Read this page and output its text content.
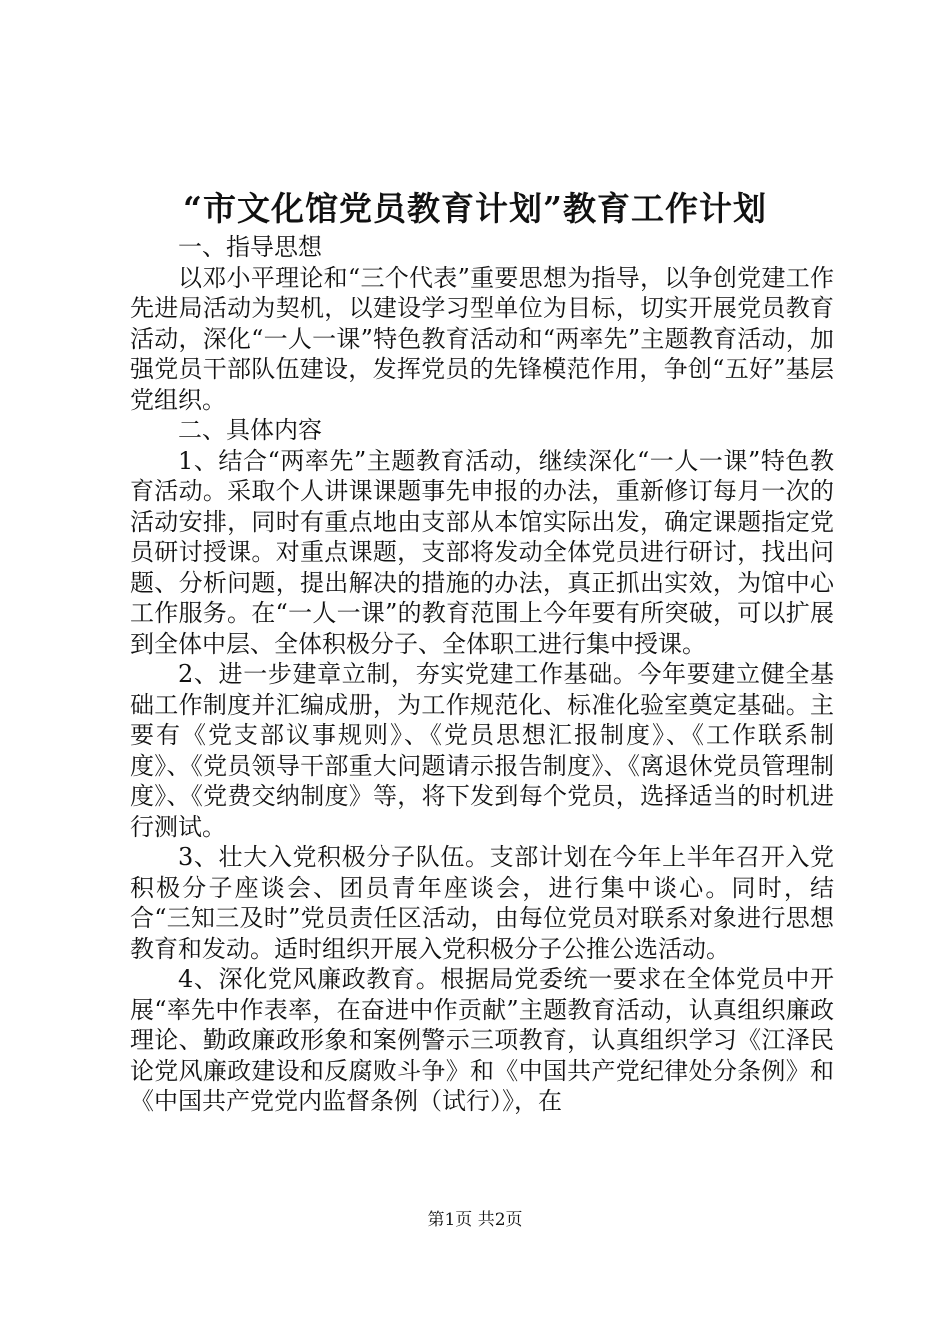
“市文化馆党员教育计划”教育工作计划

一、指导思想

以邓小平理论和“三个代表”重要思想为指导，以争创党建工作先进局活动为契机，以建设学习型单位为目标，切实开展党员教育活动，深化“一人一课”特色教育活动和“两率先”主题教育活动，加强党员干部队伍建设，发挥党员的先锋模范作用，争创“五好”基层党组织。

二、具体内容

1、结合“两率先”主题教育活动，继续深化“一人一课”特色教育活动。采取个人讲课课题事先申报的办法，重新修订每月一次的活动安排，同时有重点地由支部从本馆实际出发，确定课题指定党员研讨授课。对重点课题，支部将发动全体党员进行研讨，找出问题、分析问题，提出解决的措施的办法，真正抓出实效，为馆中心工作服务。在“一人一课”的教育范围上今年要有所突破，可以扩展到全体中层、全体积极分子、全体职工进行集中授课。

2、进一步建章立制，夯实党建工作基础。今年要建立健全基础工作制度并汇编成册，为工作规范化、标准化验室奠定基础。主要有《党支部议事规则》、《党员思想汇报制度》、《工作联系制度》、《党员领导干部重大问题请示报告制度》、《离退休党员管理制度》、《党费交纳制度》等，将下发到每个党员，选择适当的时机进行测试。

3、壮大入党积极分子队伍。支部计划在今年上半年召开入党积极分子座谈会、团员青年座谈会，进行集中谈心。同时，结合“三知三及时”党员责任区活动，由每位党员对联系对象进行思想教育和发动。适时组织开展入党积极分子公推公选活动。

4、深化党风廉政教育。根据局党委统一要求在全体党员中开展“率先中作表率，在奋进中作贡献”主题教育活动，认真组织廉政理论、勤政廉政形象和案例警示三项教育，认真组织学习《江泽民论党风廉政建设和反腐败斗争》和《中国共产党纪律处分条例》和《中国共产党党内监督条例（试行）》，在

第1页 共2页
